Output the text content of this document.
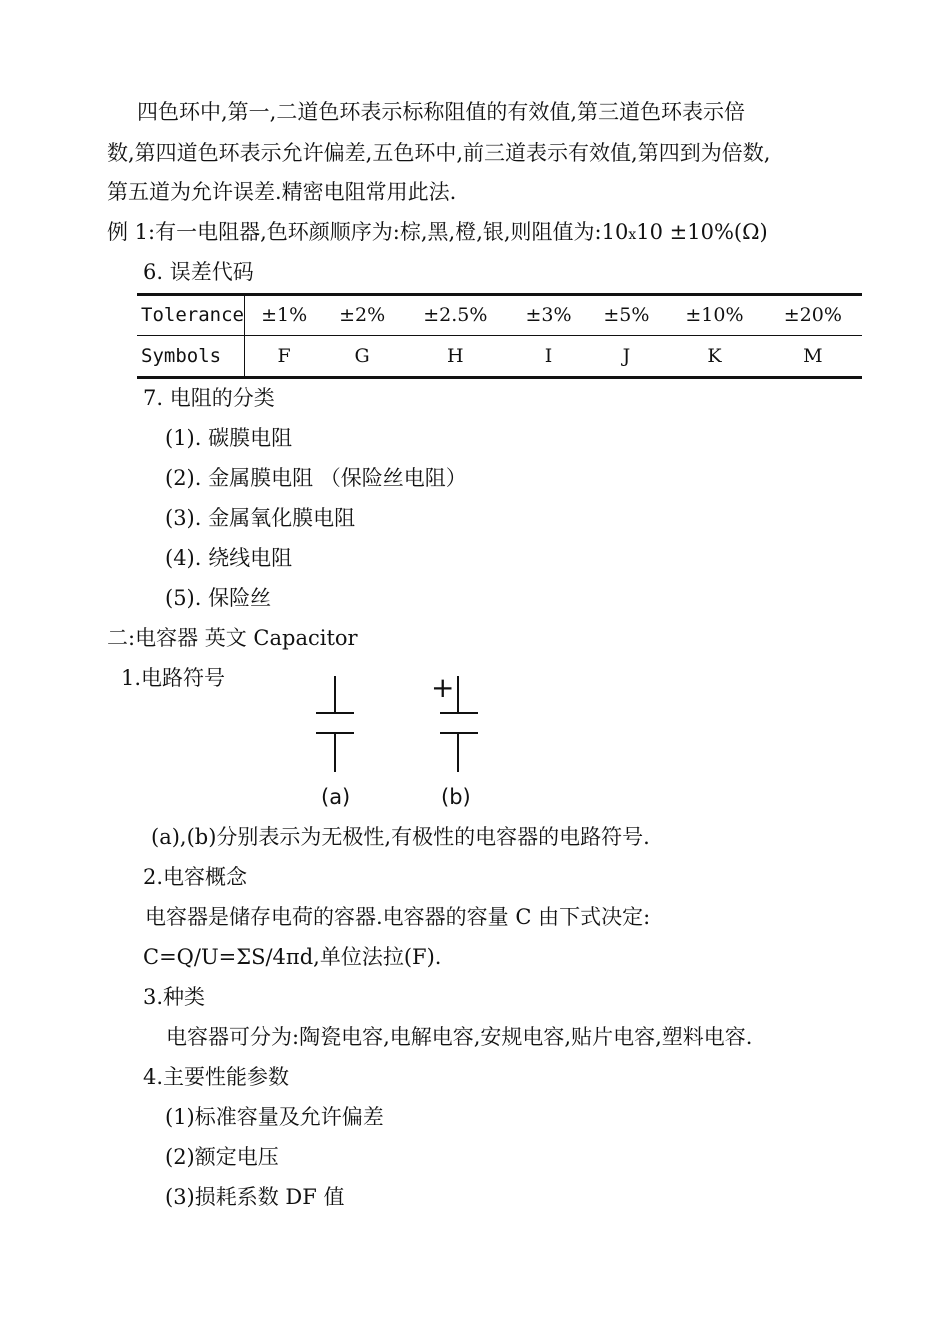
四色环中,第一,二道色环表示标称阻值的有效值,第三道色环表示倍
数,第四道色环表示允许偏差,五色环中,前三道表示有效值,第四到为倍数,
第五道为允许误差.精密电阻常用此法.
例 1:有一电阻器,色环颜顺序为:棕,黑,橙,银,则阻值为:10x10 ±10%(Ω)
6. 误差代码
Tolerance	±1%	±2%	±2.5%	±3%	±5%	±10%	±20%
Symbols	F	G	H	I	J	K	M
7. 电阻的分类
(1). 碳膜电阻
(2). 金属膜电阻 （保险丝电阻）
(3). 金属氧化膜电阻
(4). 绕线电阻
(5). 保险丝
二:电容器 英文 Capacitor
1.电路符号	+
(a)	(b)
(a),(b)分别表示为无极性,有极性的电容器的电路符号.
2.电容概念
电容器是储存电荷的容器.电容器的容量 C 由下式决定:
C=Q/U=ΣS/4πd,单位法拉(F).
3.种类
电容器可分为:陶瓷电容,电解电容,安规电容,贴片电容,塑料电容.
4.主要性能参数
(1)标准容量及允许偏差
(2)额定电压
(3)损耗系数 DF 值
